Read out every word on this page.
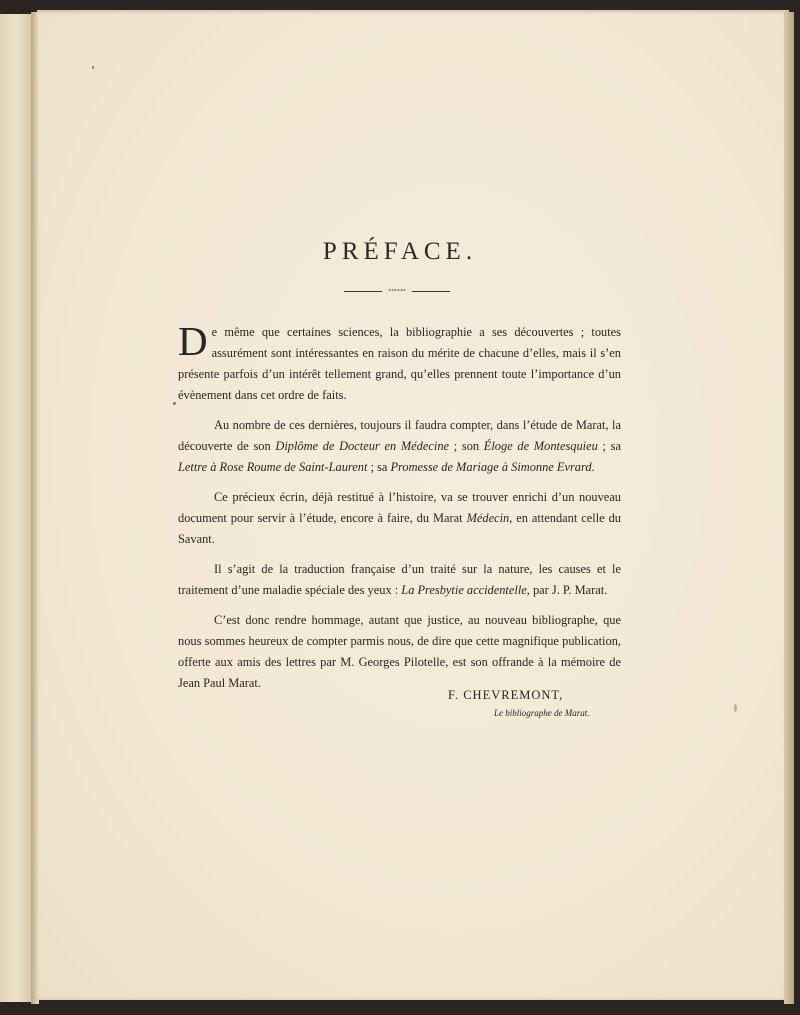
PRÉFACE.
∘∘∘∘∘∘

De même que certaines sciences, la bibliographie a ses découvertes ; toutes assurément sont intéressantes en raison du mérite de chacune d’elles, mais il s’en présente parfois d’un intérêt tellement grand, qu’elles prennent toute l’importance d’un évènement dans cet ordre de faits.

Au nombre de ces dernières, toujours il faudra compter, dans l’étude de Marat, la découverte de son Diplôme de Docteur en Médecine ; son Éloge de Montesquieu ; sa Lettre à Rose Roume de Saint-Laurent ; sa Promesse de Mariage à Simonne Evrard.

Ce précieux écrin, déjà restitué à l’histoire, va se trouver enrichi d’un nouveau document pour servir à l’étude, encore à faire, du Marat Médecin, en attendant celle du Savant.

Il s’agit de la traduction française d’un traité sur la nature, les causes et le traitement d’une maladie spéciale des yeux : La Presbytie accidentelle, par J. P. Marat.

C’est donc rendre hommage, autant que justice, au nouveau bibliographe, que nous sommes heureux de compter parmis nous, de dire que cette magnifique publication, offerte aux amis des lettres par M. Georges Pilotelle, est son offrande à la mémoire de Jean Paul Marat.

F. CHEVREMONT,
Le bibliographe de Marat.
